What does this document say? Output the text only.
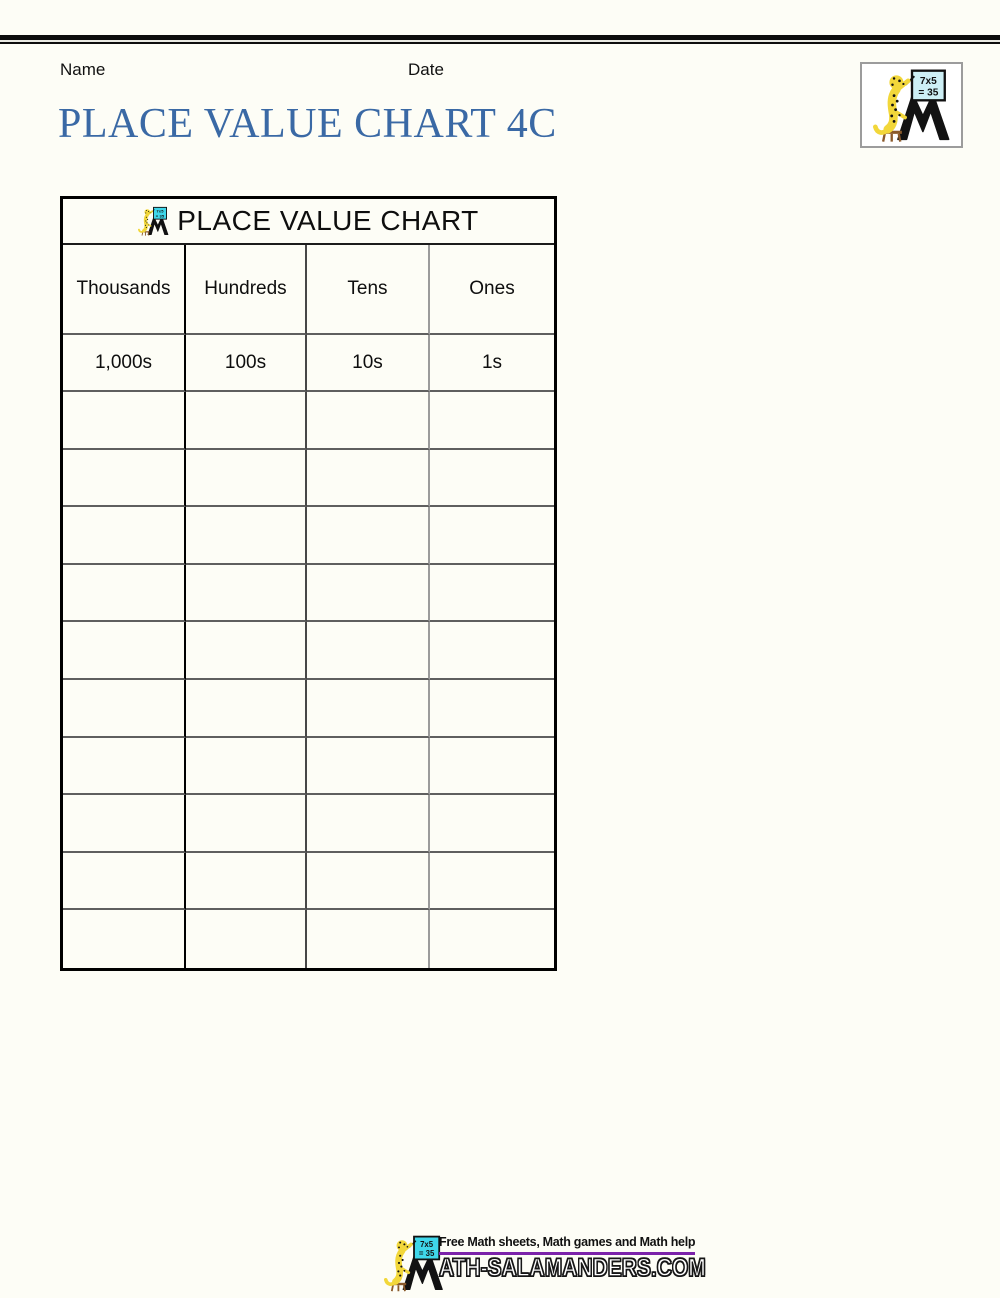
Name	Date
7x5
= 35
PLACE VALUE CHART 4C
7x5
= 35 PLACE VALUE CHART
Thousands	Hundreds	Tens	Ones
1,000s	100s	10s	1s
7x5
= 35
Free Math sheets, Math games and Math help
ATH-SALAMANDERS.COM
